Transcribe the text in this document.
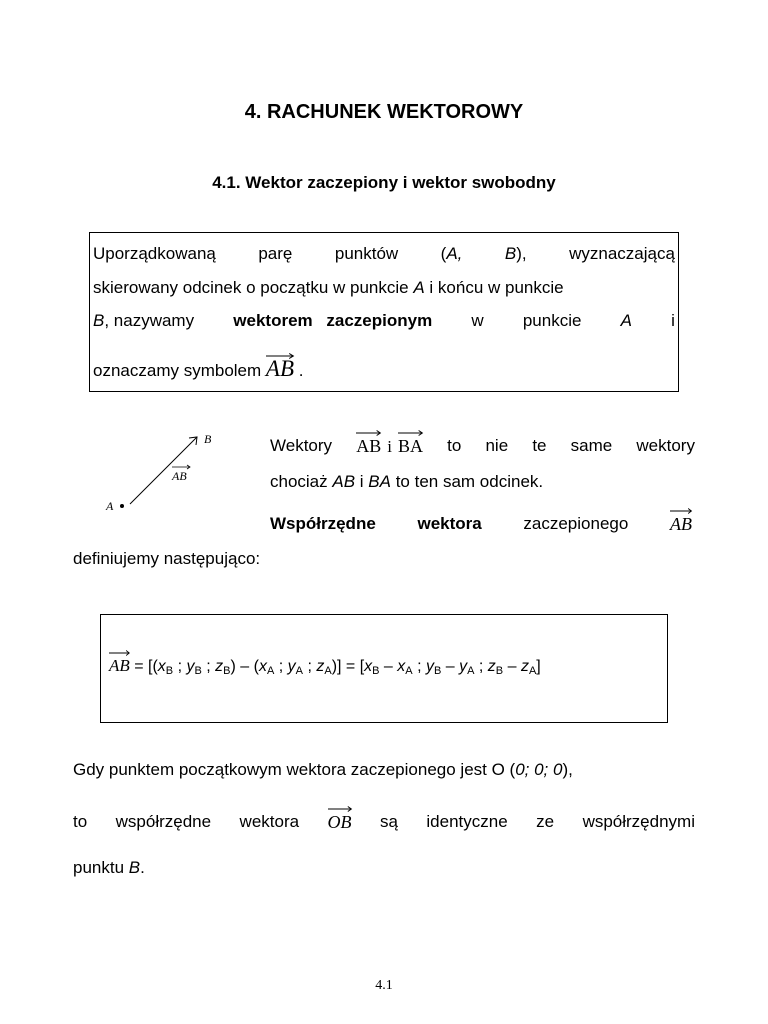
4. RACHUNEK WEKTOROWY
4.1. Wektor zaczepiony i wektor swobodny
Uporządkowaną parę punktów (A, B), wyznaczającą
skierowany odcinek o początku w punkcie A i końcu w punkcie
B, nazywamy wektorem zaczepionym w punkcie A i
oznaczamy symbolem
AB .
B
AB
A
Wektory AB i BA to nie te same wektory
chociaż AB i BA to ten sam odcinek.
Współrzędne wektora zaczepionego AB
definiujemy następująco:
AB = [($x_B$ ; $y_B$ ; $z_B) - (x_A$ ; $y_A$ ; $z_A)] = [x_B - x_A$ ; $y_B - y_A$ ; $z_B - z_A$]
Gdy punktem początkowym wektora zaczepionego jest O (0; 0; 0),
to współrzędne wektora OB są identyczne ze współrzędnymi
punktu B.
4.1
